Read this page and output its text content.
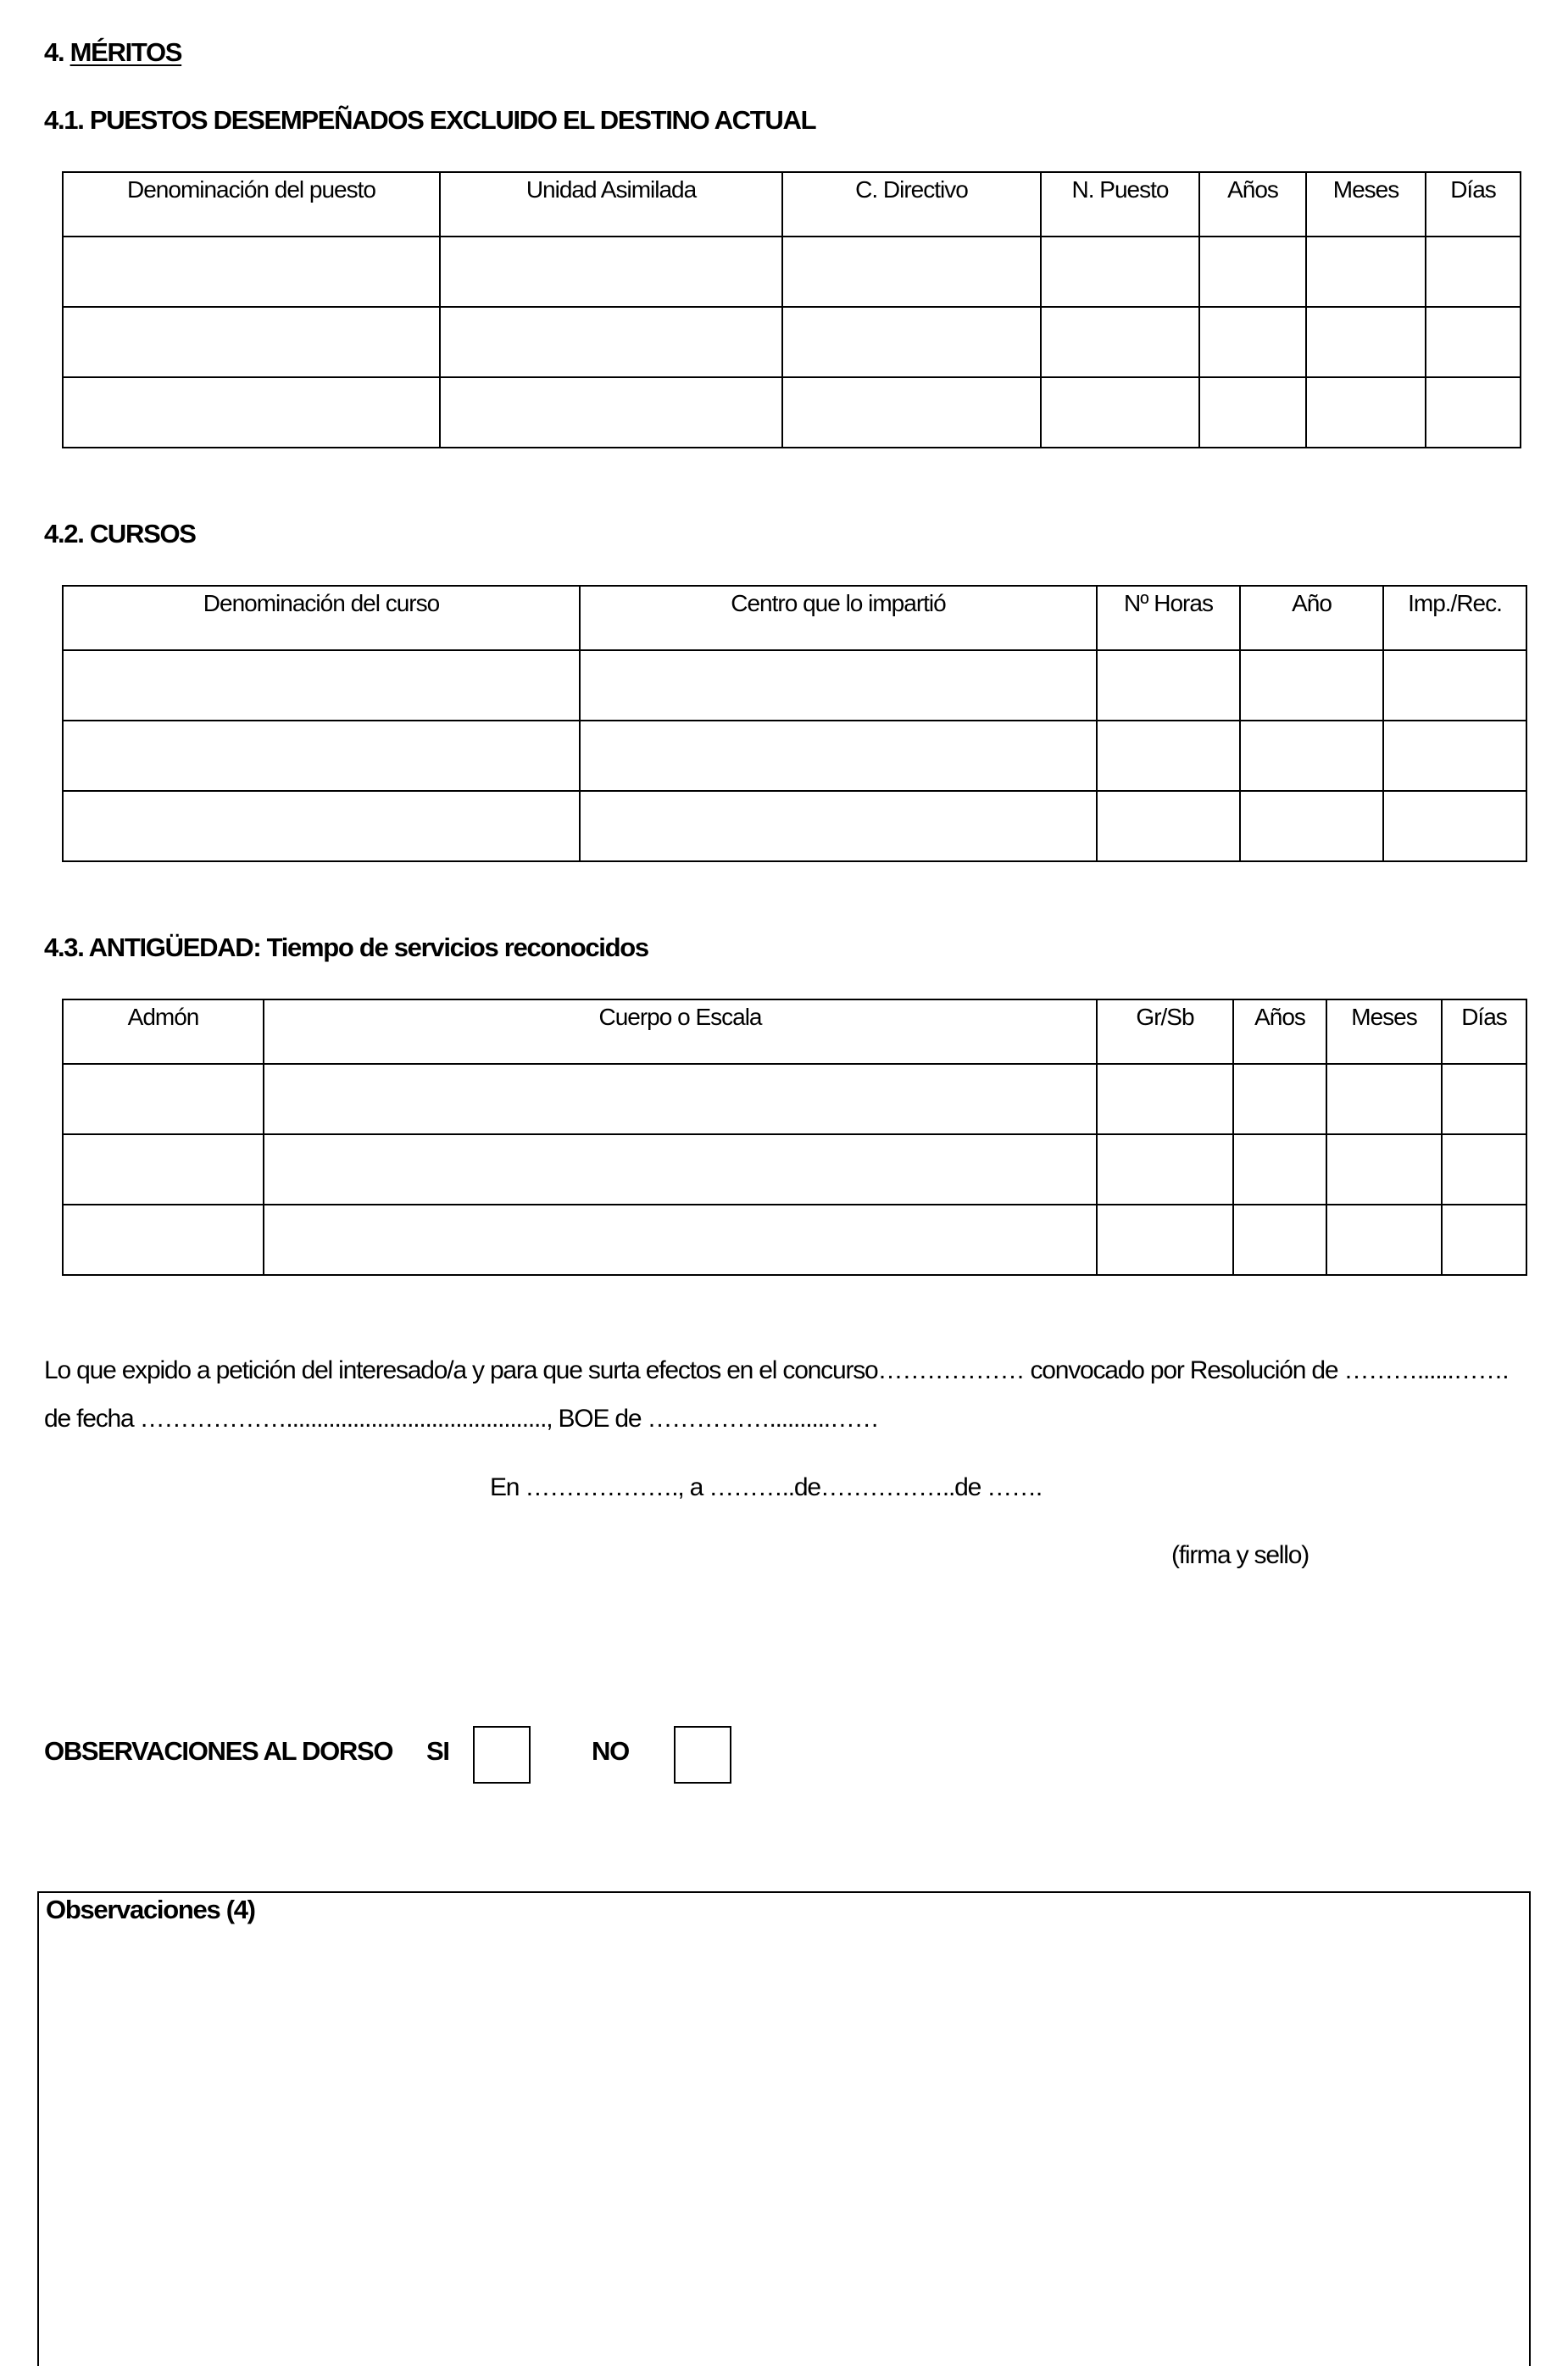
4. MÉRITOS
4.1. PUESTOS DESEMPEÑADOS EXCLUIDO EL DESTINO ACTUAL
Denominación del puesto	Unidad Asimilada	C. Directivo	N. Puesto	Años	Meses	Días

4.2. CURSOS
Denominación del curso	Centro que lo impartió	Nº Horas	Año	Imp./Rec.

4.3. ANTIGÜEDAD: Tiempo de servicios reconocidos
Admón	Cuerpo o Escala	Gr/Sb	Años	Meses	Días

Lo que expido a petición del interesado/a y para que surta efectos en el concurso……………… convocado por Resolución de ………......…….
de fecha ………………..........................................., BOE de ……………..........……
En ………………., a ………..de……………..de …….
(firma y sello)
OBSERVACIONES AL DORSO SI	NO
Observaciones (4)
